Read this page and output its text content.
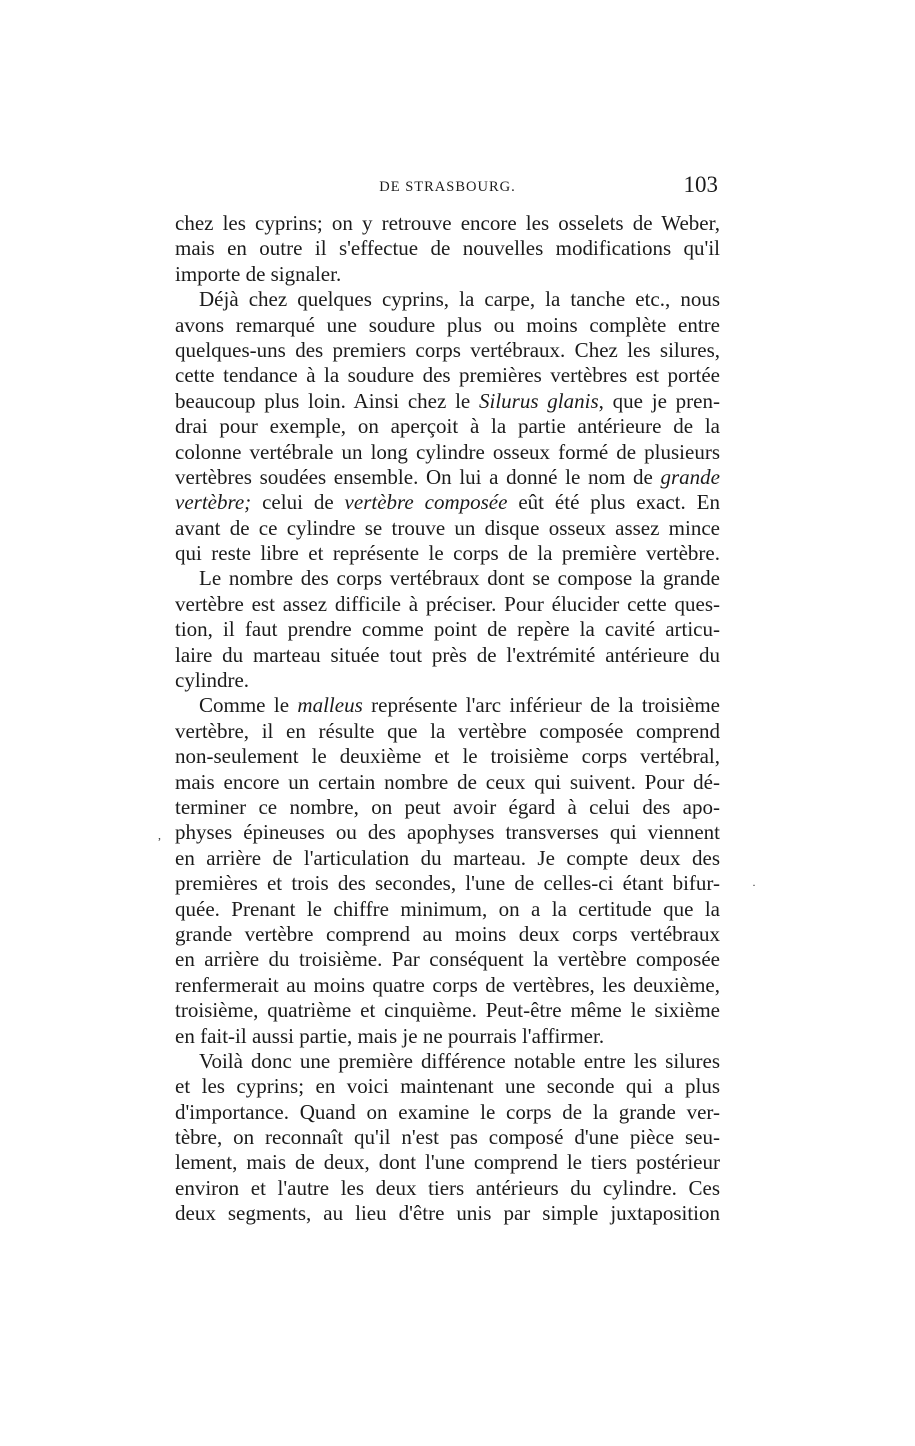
DE STRASBOURG.	103
chez les cyprins; on y retrouve encore les osselets de Weber,
mais en outre il s'effectue de nouvelles modifications qu'il
importe de signaler.
Déjà chez quelques cyprins, la carpe, la tanche etc., nous
avons remarqué une soudure plus ou moins complète entre
quelques-uns des premiers corps vertébraux. Chez les silures,
cette tendance à la soudure des premières vertèbres est portée
beaucoup plus loin. Ainsi chez le Silurus glanis, que je pren-
drai pour exemple, on aperçoit à la partie antérieure de la
colonne vertébrale un long cylindre osseux formé de plusieurs
vertèbres soudées ensemble. On lui a donné le nom de grande
vertèbre; celui de vertèbre composée eût été plus exact. En
avant de ce cylindre se trouve un disque osseux assez mince
qui reste libre et représente le corps de la première vertèbre.
Le nombre des corps vertébraux dont se compose la grande
vertèbre est assez difficile à préciser. Pour élucider cette ques-
tion, il faut prendre comme point de repère la cavité articu-
laire du marteau située tout près de l'extrémité antérieure du
cylindre.
Comme le malleus représente l'arc inférieur de la troisième
vertèbre, il en résulte que la vertèbre composée comprend
non-seulement le deuxième et le troisième corps vertébral,
mais encore un certain nombre de ceux qui suivent. Pour dé-
terminer ce nombre, on peut avoir égard à celui des apo-
physes épineuses ou des apophyses transverses qui viennent
en arrière de l'articulation du marteau. Je compte deux des
premières et trois des secondes, l'une de celles-ci étant bifur-
quée. Prenant le chiffre minimum, on a la certitude que la
grande vertèbre comprend au moins deux corps vertébraux
en arrière du troisième. Par conséquent la vertèbre composée
renfermerait au moins quatre corps de vertèbres, les deuxième,
troisième, quatrième et cinquième. Peut-être même le sixième
en fait-il aussi partie, mais je ne pourrais l'affirmer.
Voilà donc une première différence notable entre les silures
et les cyprins; en voici maintenant une seconde qui a plus
d'importance. Quand on examine le corps de la grande ver-
tèbre, on reconnaît qu'il n'est pas composé d'une pièce seu-
lement, mais de deux, dont l'une comprend le tiers postérieur
environ et l'autre les deux tiers antérieurs du cylindre. Ces
deux segments, au lieu d'être unis par simple juxtaposition
,
·
